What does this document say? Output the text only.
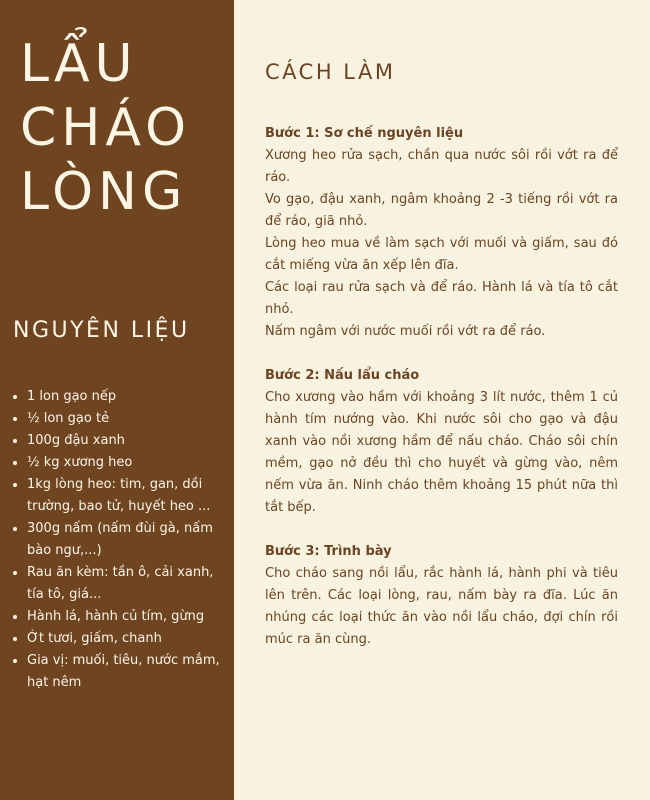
LẨU
CHÁO
LÒNG
NGUYÊN LIỆU
1 lon gạo nếp
½ lon gạo tẻ
100g đậu xanh
½ kg xương heo
1kg lòng heo: tim, gan, dồi trường, bao tử, huyết heo ...
300g nấm (nấm đùi gà, nấm bào ngư,...)
Rau ăn kèm: tần ô, cải xanh, tía tô, giá...
Hành lá, hành củ tím, gừng
Ớt tươi, giấm, chanh
Gia vị: muối, tiêu, nước mắm, hạt nêm
CÁCH LÀM
Bước 1: Sơ chế nguyên liệu

Xương heo rửa sạch, chần qua nước sôi rồi vớt ra để ráo.

Vo gạo, đậu xanh, ngâm khoảng 2 -3 tiếng rồi vớt ra để ráo, giã nhỏ.

Lòng heo mua về làm sạch với muối và giấm, sau đó cắt miếng vừa ăn xếp lên đĩa.

Các loại rau rửa sạch và để ráo. Hành lá và tía tô cắt nhỏ.

Nấm ngâm với nước muối rồi vớt ra để ráo.

Bước 2: Nấu lẩu cháo

Cho xương vào hầm với khoảng 3 lít nước, thêm 1 củ hành tím nướng vào. Khi nước sôi cho gạo và đậu xanh vào nồi xương hầm để nấu cháo. Cháo sôi chín mềm, gạo nở đều thì cho huyết và gừng vào, nêm nếm vừa ăn. Ninh cháo thêm khoảng 15 phút nữa thì tắt bếp.

Bước 3: Trình bày

Cho cháo sang nồi lẩu, rắc hành lá, hành phi và tiêu lên trên. Các loại lòng, rau, nấm bày ra đĩa. Lúc ăn nhúng các loại thức ăn vào nồi lẩu cháo, đợi chín rồi múc ra ăn cùng.
